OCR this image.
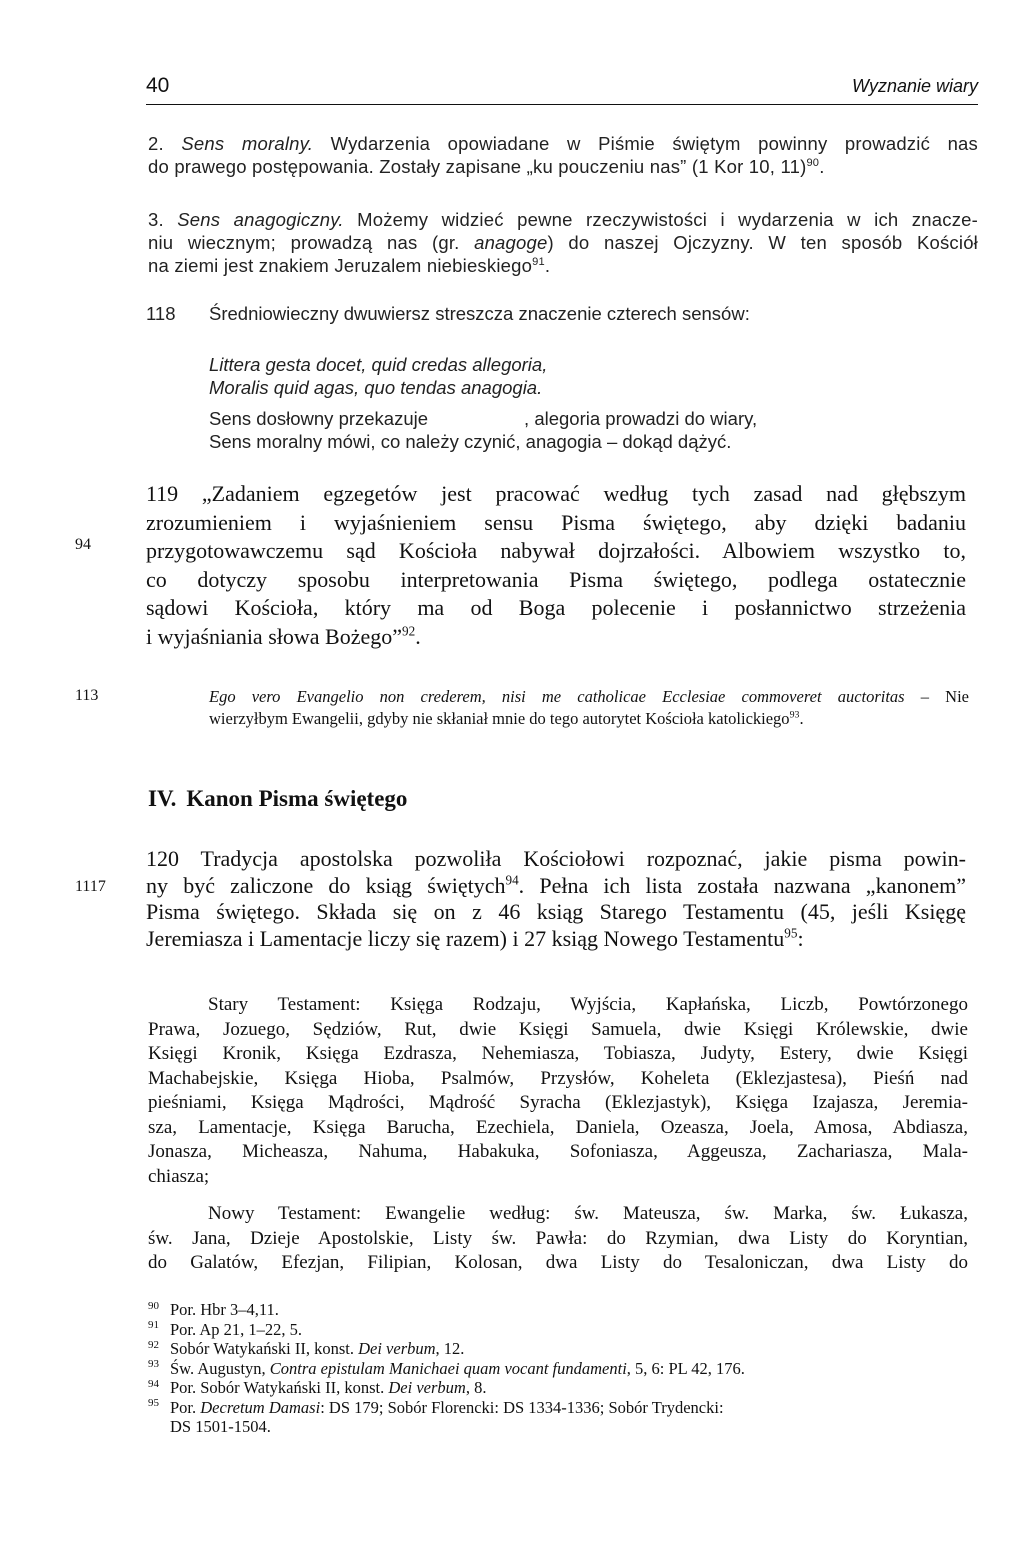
40	Wyznanie wiary
2. Sens moralny. Wydarzenia opowiadane w Piśmie świętym powinny prowadzić nas
do prawego postępowania. Zostały zapisane „ku pouczeniu nas” (1 Kor 10, 11)$^{90}$.
3. Sens anagogiczny. Możemy widzieć pewne rzeczywistości i wydarzenia w ich znacze-
niu wiecznym; prowadzą nas (gr. anagoge) do naszej Ojczyzny. W ten sposób Kościół
na ziemi jest znakiem Jeruzalem niebieskiego$^{91}$.
118 Średniowieczny dwuwiersz streszcza znaczenie czterech sensów:
Littera gesta docet, quid credas allegoria,
Moralis quid agas, quo tendas anagogia.
Sens dosłowny przekazuje	, alegoria prowadzi do wiary,
Sens moralny mówi, co należy czynić, anagogia – dokąd dążyć.
94
119 „Zadaniem egzegetów jest pracować według tych zasad nad głębszym
zrozumieniem i wyjaśnieniem sensu Pisma świętego, aby dzięki badaniu
przygotowawczemu sąd Kościoła nabywał dojrzałości. Albowiem wszystko to,
co dotyczy sposobu interpretowania Pisma świętego, podlega ostatecznie
sądowi Kościoła, który ma od Boga polecenie i posłannictwo strzeżenia
i wyjaśniania słowa Bożego”$^{92}$.
113	Ego vero Evangelio non crederem, nisi me catholicae Ecclesiae commoveret auctoritas – Nie
wierzyłbym Ewangelii, gdyby nie skłaniał mnie do tego autorytet Kościoła katolickiego$^{93}$.
IV. Kanon Pisma świętego
1117
120 Tradycja apostolska pozwoliła Kościołowi rozpoznać, jakie pisma powin-
ny być zaliczone do ksiąg świętych$^{94}$. Pełna ich lista została nazwana „kanonem”
Pisma świętego. Składa się on z 46 ksiąg Starego Testamentu (45, jeśli Księgę
Jeremiasza i Lamentacje liczy się razem) i 27 ksiąg Nowego Testamentu$^{95}$:
Stary Testament: Księga Rodzaju, Wyjścia, Kapłańska, Liczb, Powtórzonego
Prawa, Jozuego, Sędziów, Rut, dwie Księgi Samuela, dwie Księgi Królewskie, dwie
Księgi Kronik, Księga Ezdrasza, Nehemiasza, Tobiasza, Judyty, Estery, dwie Księgi
Machabejskie, Księga Hioba, Psalmów, Przysłów, Koheleta (Eklezjastesa), Pieśń nad
pieśniami, Księga Mądrości, Mądrość Syracha (Eklezjastyk), Księga Izajasza, Jeremia-
sza, Lamentacje, Księga Barucha, Ezechiela, Daniela, Ozeasza, Joela, Amosa, Abdiasza,
Jonasza, Micheasza, Nahuma, Habakuka, Sofoniasza, Aggeusza, Zachariasza, Mala-
chiasza;
Nowy Testament: Ewangelie według: św. Mateusza, św. Marka, św. Łukasza,
św. Jana, Dzieje Apostolskie, Listy św. Pawła: do Rzymian, dwa Listy do Koryntian,
do Galatów, Efezjan, Filipian, Kolosan, dwa Listy do Tesaloniczan, dwa Listy do
90 Por. Hbr 3–4,11.
91 Por. Ap 21, 1–22, 5.
92 Sobór Watykański II, konst. Dei verbum, 12.
93 Św. Augustyn, Contra epistulam Manichaei quam vocant fundamenti, 5, 6: PL 42, 176.
94 Por. Sobór Watykański II, konst. Dei verbum, 8.
95 Por. Decretum Damasi: DS 179; Sobór Florencki: DS 1334-1336; Sobór Trydencki:
DS 1501-1504.
